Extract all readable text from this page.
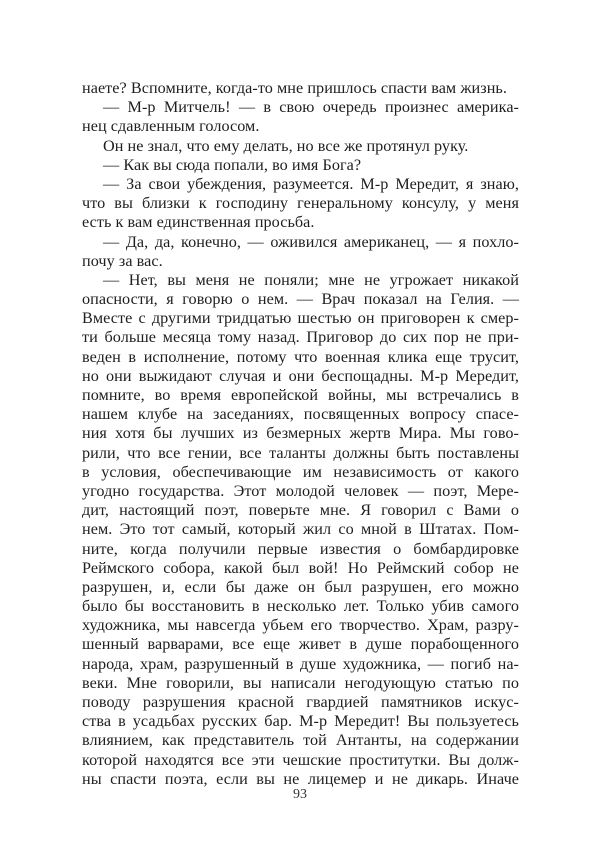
наете? Вспомните, когда-то мне пришлось спасти вам жизнь.
— М-р Митчель! — в свою очередь произнес америка-
нец сдавленным голосом.
Он не знал, что ему делать, но все же протянул руку.
— Как вы сюда попали, во имя Бога?
— За свои убеждения, разумеется. М-р Мередит, я знаю,
что вы близки к господину генеральному консулу, у меня
есть к вам единственная просьба.
— Да, да, конечно, — оживился американец, — я похло-
почу за вас.
— Нет, вы меня не поняли; мне не угрожает никакой
опасности, я говорю о нем. — Врач показал на Гелия. —
Вместе с другими тридцатью шестью он приговорен к смер-
ти больше месяца тому назад. Приговор до сих пор не при-
веден в исполнение, потому что военная клика еще трусит,
но они выжидают случая и они беспощадны. М-р Мередит,
помните, во время европейской войны, мы встречались в
нашем клубе на заседаниях, посвященных вопросу спасе-
ния хотя бы лучших из безмерных жертв Мира. Мы гово-
рили, что все гении, все таланты должны быть поставлены
в условия, обеспечивающие им независимость от какого
угодно государства. Этот молодой человек — поэт, Мере-
дит, настоящий поэт, поверьте мне. Я говорил с Вами о
нем. Это тот самый, который жил со мной в Штатах. Пом-
ните, когда получили первые известия о бомбардировке
Реймского собора, какой был вой! Но Реймский собор не
разрушен, и, если бы даже он был разрушен, его можно
было бы восстановить в несколько лет. Только убив самого
художника, мы навсегда убьем его творчество. Храм, разру-
шенный варварами, все еще живет в душе порабощенного
народа, храм, разрушенный в душе художника, — погиб на-
веки. Мне говорили, вы написали негодующую статью по
поводу разрушения красной гвардией памятников искус-
ства в усадьбах русских бар. М-р Мередит! Вы пользуетесь
влиянием, как представитель той Антанты, на содержании
которой находятся все эти чешские проститутки. Вы долж-
ны спасти поэта, если вы не лицемер и не дикарь. Иначе
93
